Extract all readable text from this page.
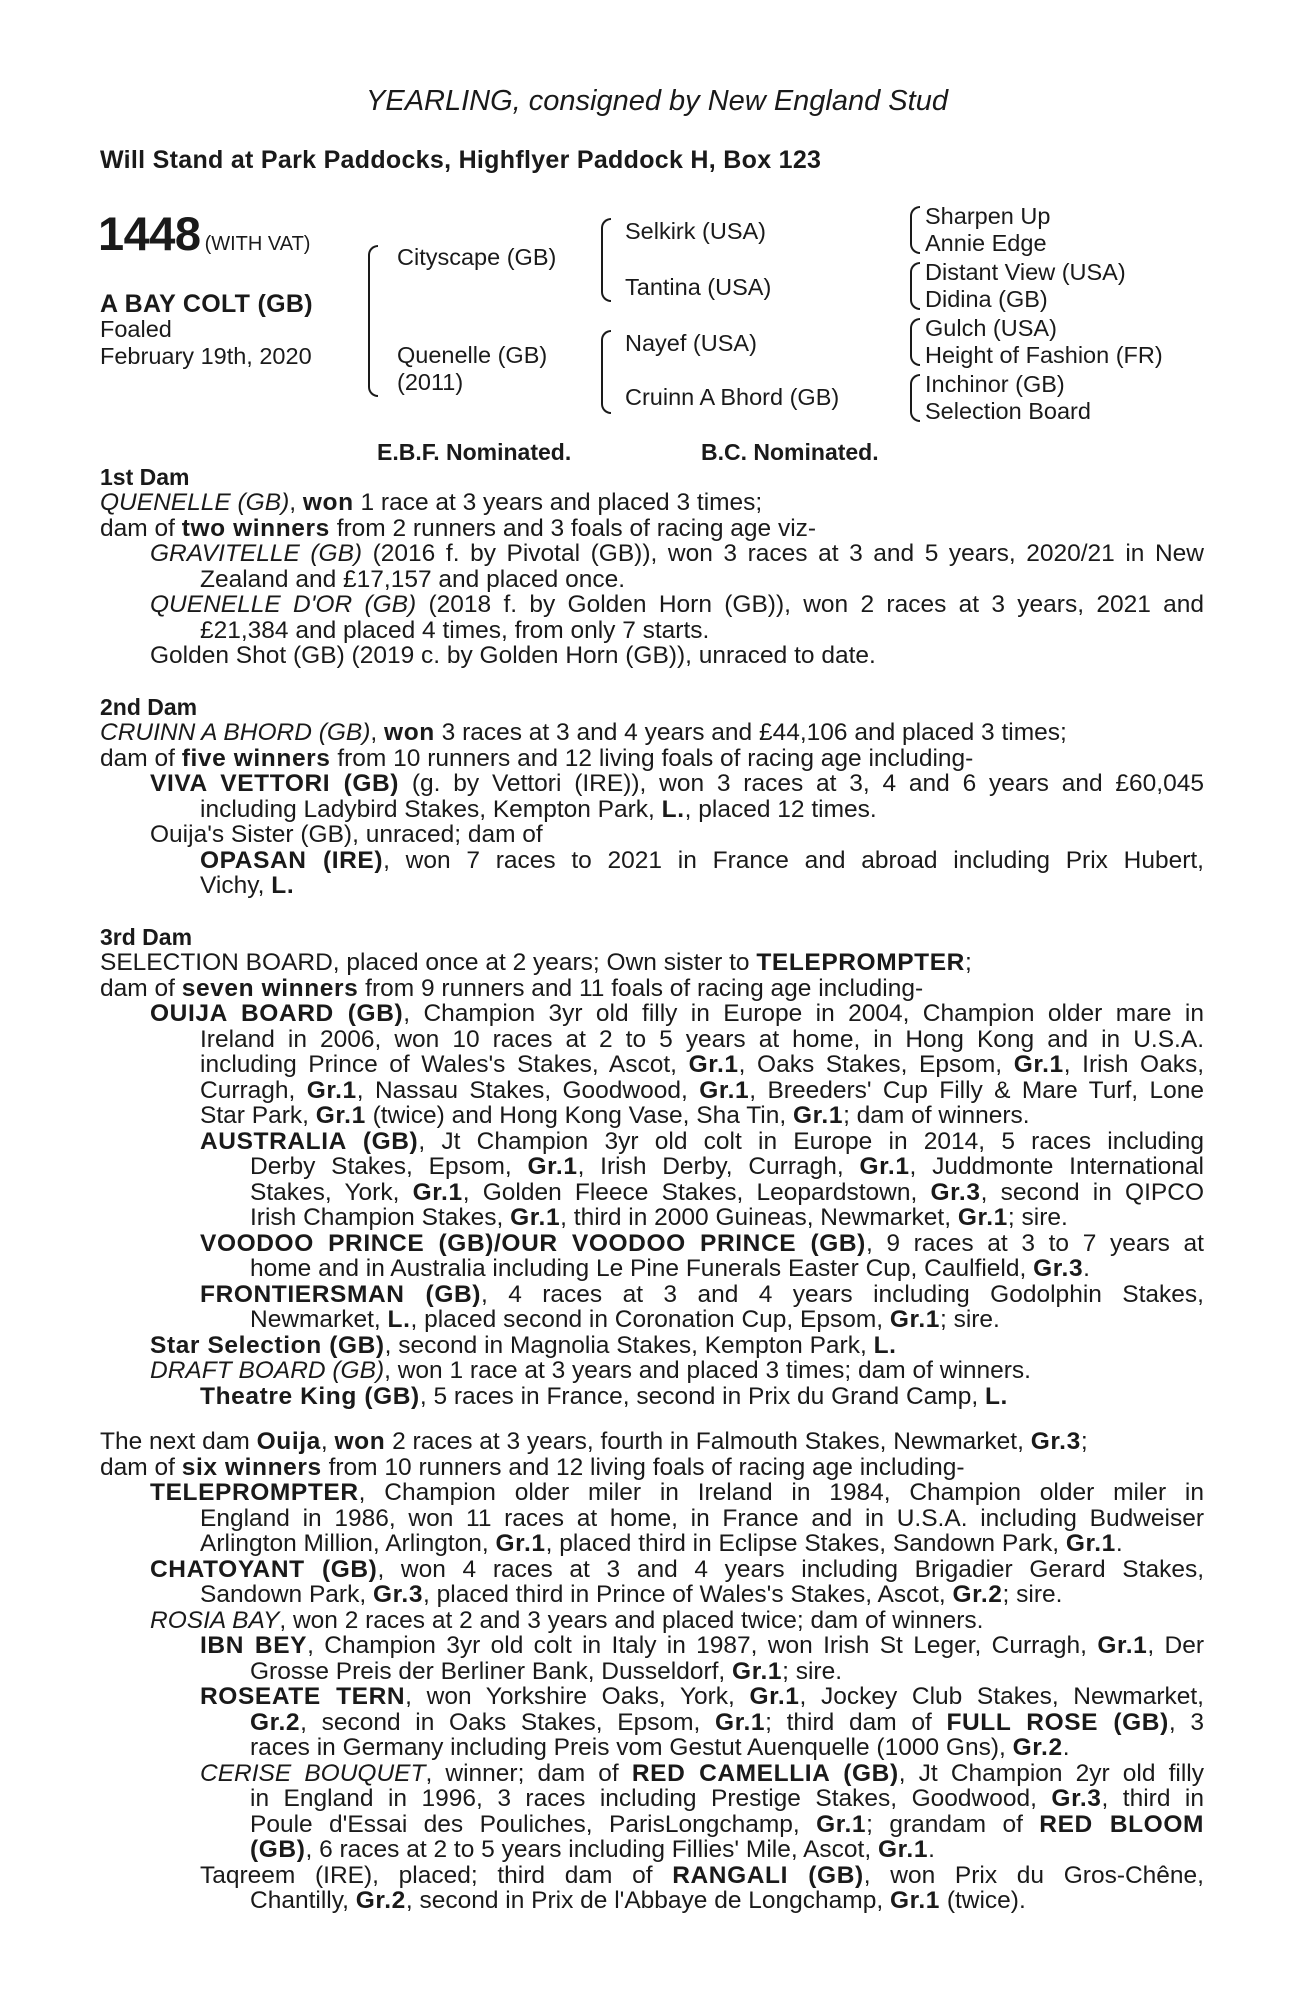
YEARLING, consigned by New England Stud
Will Stand at Park Paddocks, Highflyer Paddock H, Box 123
1448 (WITH VAT)
A BAY COLT (GB)
Foaled
February 19th, 2020
Cityscape (GB)
Quenelle (GB)
(2011)
Selkirk (USA)
Tantina (USA)
Nayef (USA)
Cruinn A Bhord (GB)
Sharpen Up
Annie Edge
Distant View (USA)
Didina (GB)
Gulch (USA)
Height of Fashion (FR)
Inchinor (GB)
Selection Board
E.B.F. Nominated.	B.C. Nominated.
1st Dam
QUENELLE (GB), won 1 race at 3 years and placed 3 times;
dam of two winners from 2 runners and 3 foals of racing age viz-
GRAVITELLE (GB) (2016 f. by Pivotal (GB)), won 3 races at 3 and 5 years, 2020/21 in New
Zealand and £17,157 and placed once.
QUENELLE D'OR (GB) (2018 f. by Golden Horn (GB)), won 2 races at 3 years, 2021 and
£21,384 and placed 4 times, from only 7 starts.
Golden Shot (GB) (2019 c. by Golden Horn (GB)), unraced to date.
2nd Dam
CRUINN A BHORD (GB), won 3 races at 3 and 4 years and £44,106 and placed 3 times;
dam of five winners from 10 runners and 12 living foals of racing age including-
VIVA VETTORI (GB) (g. by Vettori (IRE)), won 3 races at 3, 4 and 6 years and £60,045
including Ladybird Stakes, Kempton Park, L., placed 12 times.
Ouija's Sister (GB), unraced; dam of
OPASAN (IRE), won 7 races to 2021 in France and abroad including Prix Hubert,
Vichy, L.
3rd Dam
SELECTION BOARD, placed once at 2 years; Own sister to TELEPROMPTER;
dam of seven winners from 9 runners and 11 foals of racing age including-
OUIJA BOARD (GB), Champion 3yr old filly in Europe in 2004, Champion older mare in
Ireland in 2006, won 10 races at 2 to 5 years at home, in Hong Kong and in U.S.A.
including Prince of Wales's Stakes, Ascot, Gr.1, Oaks Stakes, Epsom, Gr.1, Irish Oaks,
Curragh, Gr.1, Nassau Stakes, Goodwood, Gr.1, Breeders' Cup Filly & Mare Turf, Lone
Star Park, Gr.1 (twice) and Hong Kong Vase, Sha Tin, Gr.1; dam of winners.
AUSTRALIA (GB), Jt Champion 3yr old colt in Europe in 2014, 5 races including
Derby Stakes, Epsom, Gr.1, Irish Derby, Curragh, Gr.1, Juddmonte International
Stakes, York, Gr.1, Golden Fleece Stakes, Leopardstown, Gr.3, second in QIPCO
Irish Champion Stakes, Gr.1, third in 2000 Guineas, Newmarket, Gr.1; sire.
VOODOO PRINCE (GB)/OUR VOODOO PRINCE (GB), 9 races at 3 to 7 years at
home and in Australia including Le Pine Funerals Easter Cup, Caulfield, Gr.3.
FRONTIERSMAN (GB), 4 races at 3 and 4 years including Godolphin Stakes,
Newmarket, L., placed second in Coronation Cup, Epsom, Gr.1; sire.
Star Selection (GB), second in Magnolia Stakes, Kempton Park, L.
DRAFT BOARD (GB), won 1 race at 3 years and placed 3 times; dam of winners.
Theatre King (GB), 5 races in France, second in Prix du Grand Camp, L.
The next dam Ouija, won 2 races at 3 years, fourth in Falmouth Stakes, Newmarket, Gr.3;
dam of six winners from 10 runners and 12 living foals of racing age including-
TELEPROMPTER, Champion older miler in Ireland in 1984, Champion older miler in
England in 1986, won 11 races at home, in France and in U.S.A. including Budweiser
Arlington Million, Arlington, Gr.1, placed third in Eclipse Stakes, Sandown Park, Gr.1.
CHATOYANT (GB), won 4 races at 3 and 4 years including Brigadier Gerard Stakes,
Sandown Park, Gr.3, placed third in Prince of Wales's Stakes, Ascot, Gr.2; sire.
ROSIA BAY, won 2 races at 2 and 3 years and placed twice; dam of winners.
IBN BEY, Champion 3yr old colt in Italy in 1987, won Irish St Leger, Curragh, Gr.1, Der
Grosse Preis der Berliner Bank, Dusseldorf, Gr.1; sire.
ROSEATE TERN, won Yorkshire Oaks, York, Gr.1, Jockey Club Stakes, Newmarket,
Gr.2, second in Oaks Stakes, Epsom, Gr.1; third dam of FULL ROSE (GB), 3
races in Germany including Preis vom Gestut Auenquelle (1000 Gns), Gr.2.
CERISE BOUQUET, winner; dam of RED CAMELLIA (GB), Jt Champion 2yr old filly
in England in 1996, 3 races including Prestige Stakes, Goodwood, Gr.3, third in
Poule d'Essai des Pouliches, ParisLongchamp, Gr.1; grandam of RED BLOOM
(GB), 6 races at 2 to 5 years including Fillies' Mile, Ascot, Gr.1.
Taqreem (IRE), placed; third dam of RANGALI (GB), won Prix du Gros-Chêne,
Chantilly, Gr.2, second in Prix de l'Abbaye de Longchamp, Gr.1 (twice).
